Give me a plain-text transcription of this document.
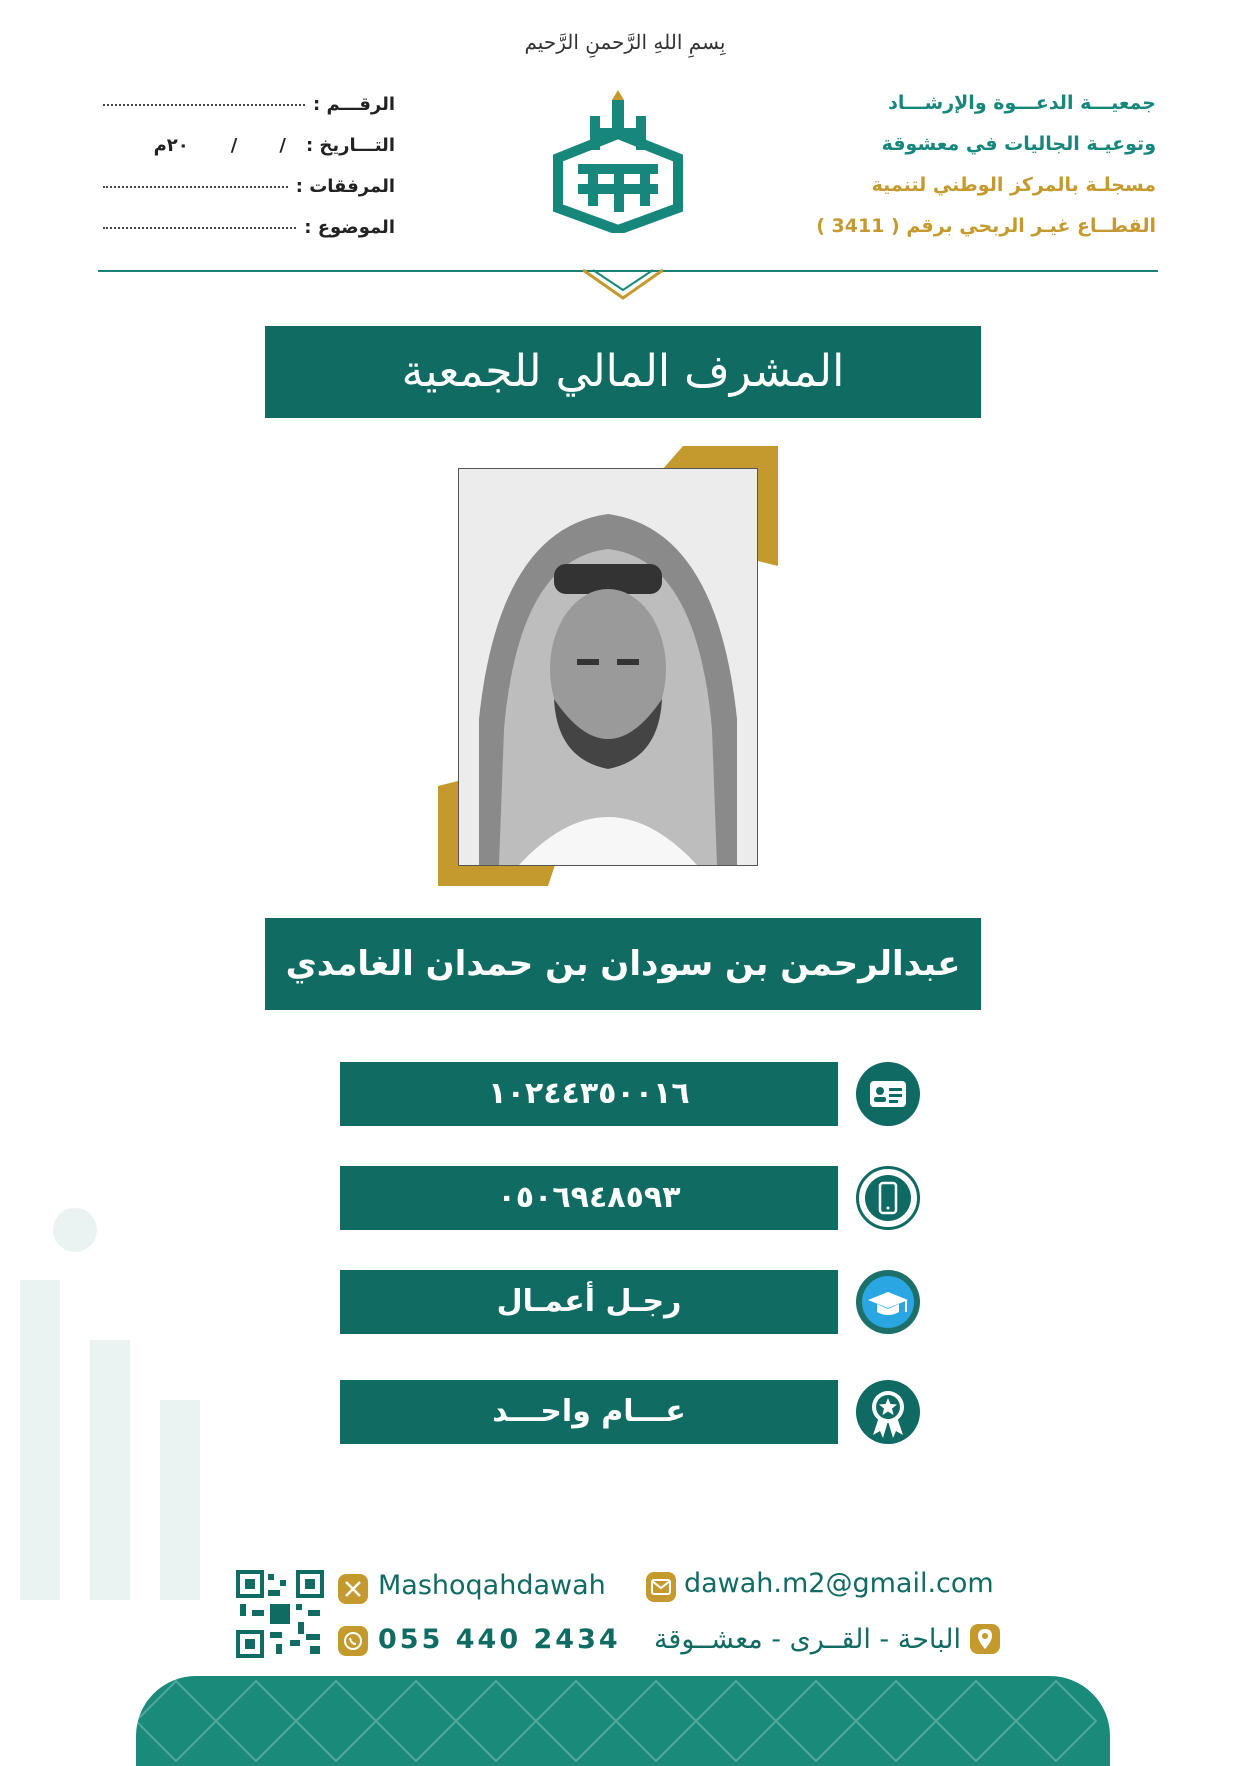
بِسمِ اللهِ الرَّحمنِ الرَّحيم
جمعيـــة الدعـــوة والإرشـــاد
وتوعيـة الجاليات في معشوقة
مسجلـة بالمركز الوطني لتنمية
القطــاع غيـر الربحي برقم ( 3411 )
الرقـــم :
التـــاريخ :
/
/
٢٠م
المرفقات :
الموضوع :
المشرف المالي للجمعية
عبدالرحمن بن سودان بن حمدان الغامدي
١٠٢٤٤٣٥٠٠١٦
٠٥٠٦٩٤٨٥٩٣
رجـل أعمـال
عـــام واحـــد
Mashoqahdawah	dawah.m2@gmail.com
055 440 2434 الباحة - القــرى - معشــوقة
